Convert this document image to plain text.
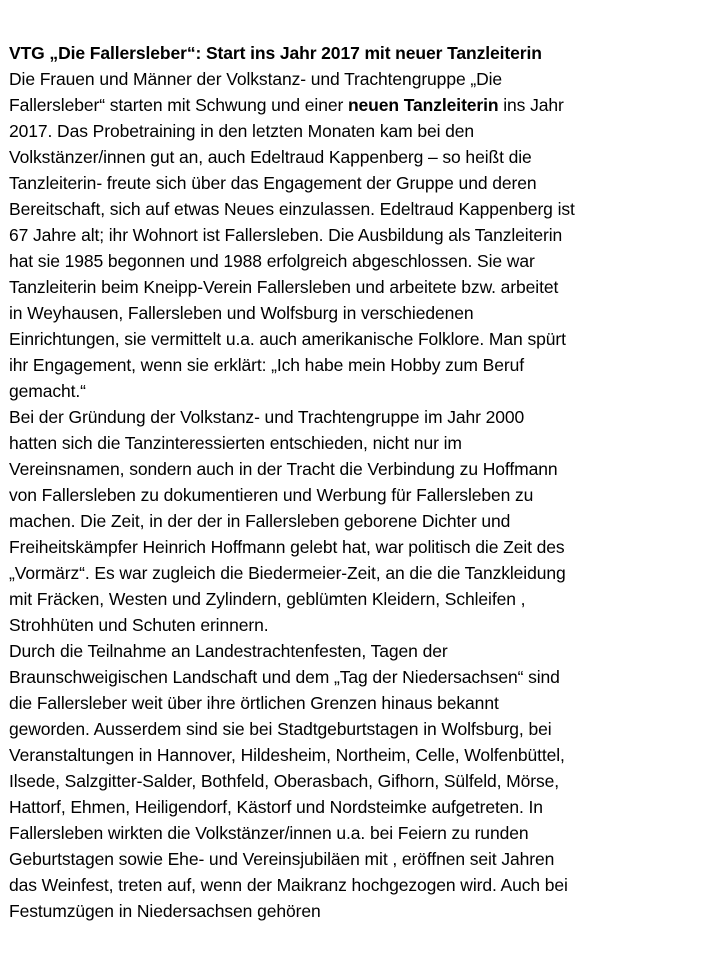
VTG „Die Fallersleber“: Start ins Jahr 2017 mit neuer Tanzleiterin
Die Frauen und Männer der Volkstanz- und Trachtengruppe „Die
Fallersleber“ starten mit Schwung und einer neuen Tanzleiterin ins Jahr
2017. Das Probetraining in den letzten Monaten kam bei den
Volkstänzer/innen gut an, auch Edeltraud Kappenberg – so heißt die
Tanzleiterin- freute sich über das Engagement der Gruppe und deren
Bereitschaft, sich auf etwas Neues einzulassen. Edeltraud Kappenberg ist
67 Jahre alt; ihr Wohnort ist Fallersleben. Die Ausbildung als Tanzleiterin
hat sie 1985 begonnen und 1988 erfolgreich abgeschlossen. Sie war
Tanzleiterin beim Kneipp-Verein Fallersleben und arbeitete bzw. arbeitet
in Weyhausen, Fallersleben und Wolfsburg in verschiedenen
Einrichtungen, sie vermittelt u.a. auch amerikanische Folklore. Man spürt
ihr Engagement, wenn sie erklärt: „Ich habe mein Hobby zum Beruf
gemacht.“
Bei der Gründung der Volkstanz- und Trachtengruppe im Jahr 2000
hatten sich die Tanzinteressierten entschieden, nicht nur im
Vereinsnamen, sondern auch in der Tracht die Verbindung zu Hoffmann
von Fallersleben zu dokumentieren und Werbung für Fallersleben zu
machen. Die Zeit, in der der in Fallersleben geborene Dichter und
Freiheitskämpfer Heinrich Hoffmann gelebt hat, war politisch die Zeit des
„Vormärz“. Es war zugleich die Biedermeier-Zeit, an die die Tanzkleidung
mit Fräcken, Westen und Zylindern, geblümten Kleidern, Schleifen ,
Strohhüten und Schuten erinnern.
Durch die Teilnahme an Landestrachtenfesten, Tagen der
Braunschweigischen Landschaft und dem „Tag der Niedersachsen“ sind
die Fallersleber weit über ihre örtlichen Grenzen hinaus bekannt
geworden. Ausserdem sind sie bei Stadtgeburtstagen in Wolfsburg, bei
Veranstaltungen in Hannover, Hildesheim, Northeim, Celle, Wolfenbüttel,
Ilsede, Salzgitter-Salder, Bothfeld, Oberasbach, Gifhorn, Sülfeld, Mörse,
Hattorf, Ehmen, Heiligendorf, Kästorf und Nordsteimke aufgetreten. In
Fallersleben wirkten die Volkstänzer/innen u.a. bei Feiern zu runden
Geburtstagen sowie Ehe- und Vereinsjubiläen mit , eröffnen seit Jahren
das Weinfest, treten auf, wenn der Maikranz hochgezogen wird. Auch bei
Festumzügen in Niedersachsen gehören
